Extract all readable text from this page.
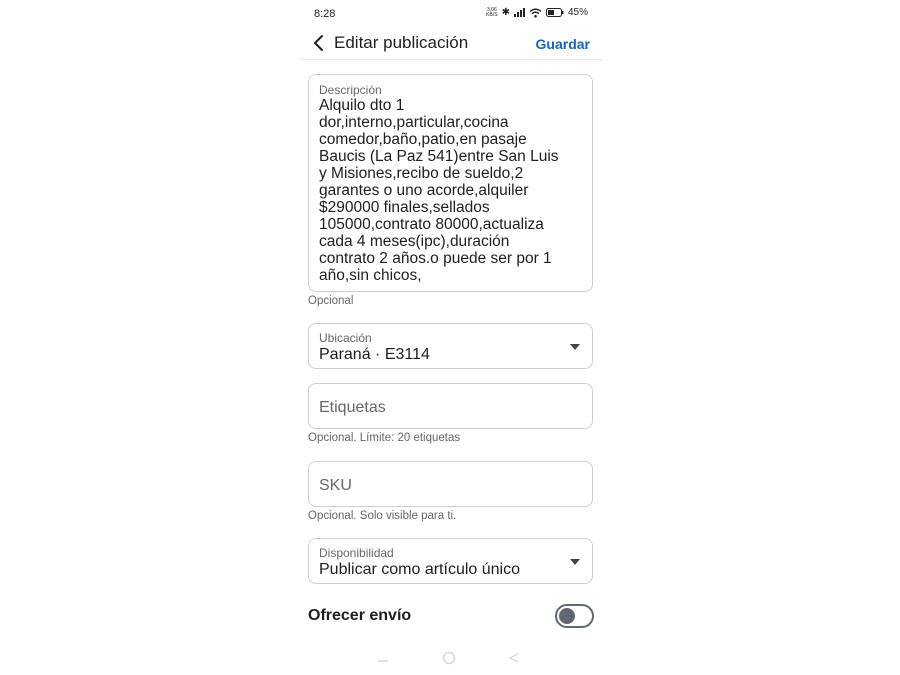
8:28	3,06
KB/S ✱	45%
Editar publicación	Guardar
Descripción
Alquilo dto 1
dor,interno,particular,cocina
comedor,baño,patio,en pasaje
Baucis (La Paz 541)entre San Luis
y Misiones,recibo de sueldo,2
garantes o uno acorde,alquiler
$290000 finales,sellados
105000,contrato 80000,actualiza
cada 4 meses(ipc),duración
contrato 2 años.o puede ser por 1
año,sin chicos,
Opcional
Ubicación
Paraná · E3114
Etiquetas
Opcional. Límite: 20 etiquetas
SKU
Opcional. Solo visible para ti.
Disponibilidad
Publicar como artículo único
Ofrecer envío
